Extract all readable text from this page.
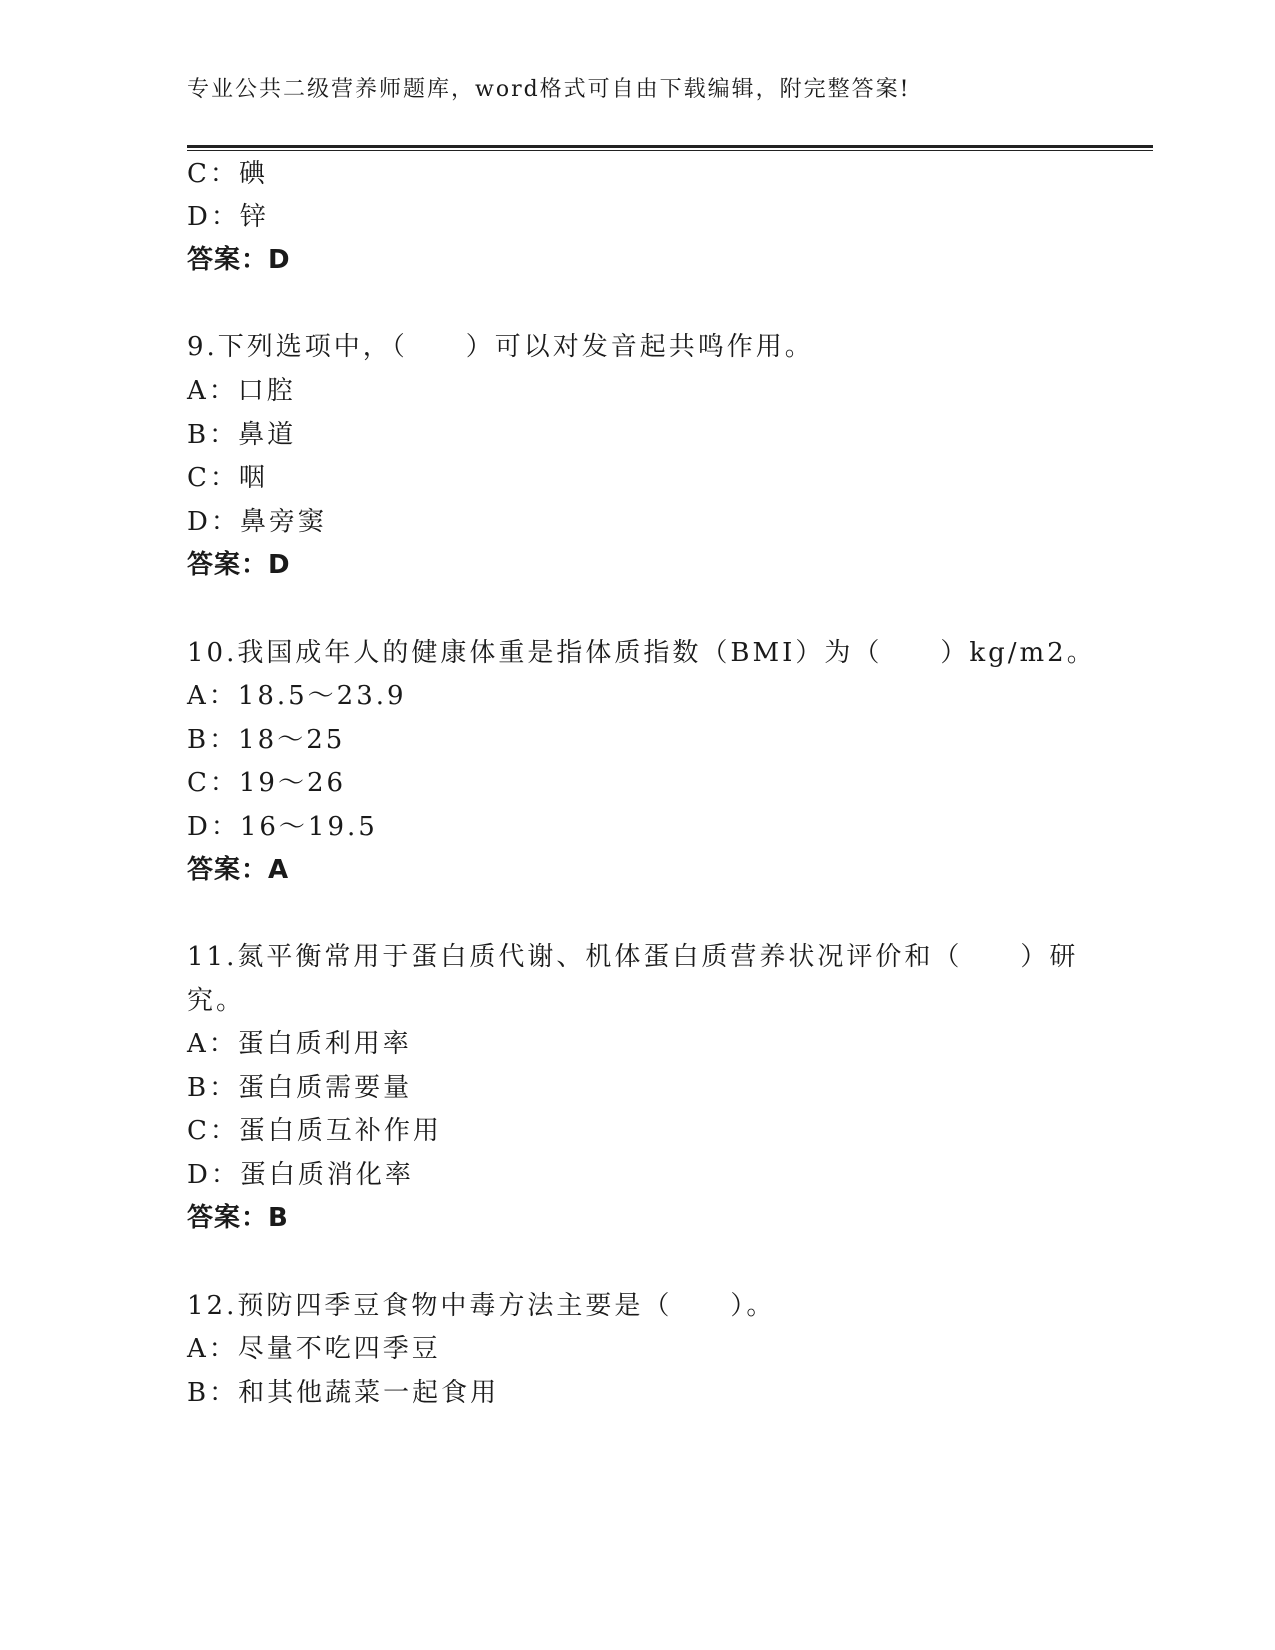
专业公共二级营养师题库，word格式可自由下载编辑，附完整答案!
C：碘
D：锌
答案：D
9.下列选项中，（　　）可以对发音起共鸣作用。
A：口腔
B：鼻道
C：咽
D：鼻旁窦
答案：D
10.我国成年人的健康体重是指体质指数（BMI）为（　　）kg/m2。
A：18.5～23.9
B：18～25
C：19～26
D：16～19.5
答案：A
11.氮平衡常用于蛋白质代谢、机体蛋白质营养状况评价和（　　）研
究。
A：蛋白质利用率
B：蛋白质需要量
C：蛋白质互补作用
D：蛋白质消化率
答案：B
12.预防四季豆食物中毒方法主要是（　　）。
A：尽量不吃四季豆
B：和其他蔬菜一起食用
